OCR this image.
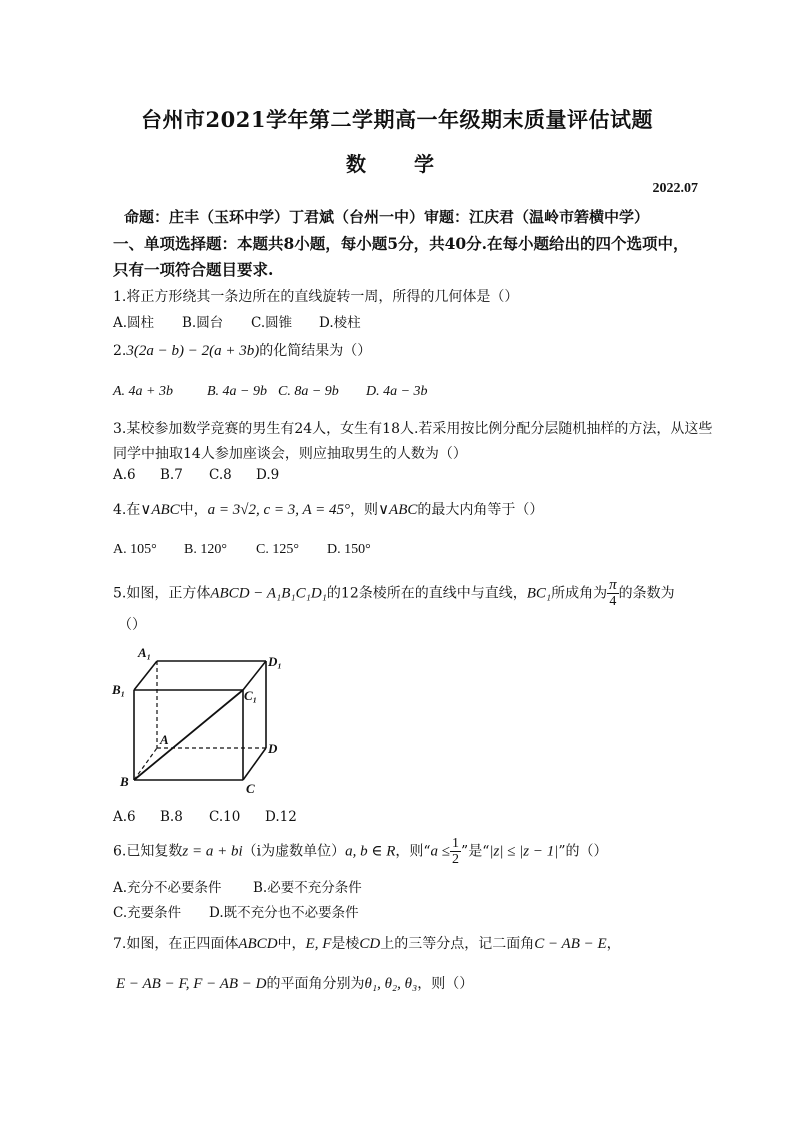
台州市2021学年第二学期高一年级期末质量评估试题
数　学
2022.07
命题：庄丰（玉环中学）丁君斌（台州一中）审题：江庆君（温岭市箬横中学）
一、单项选择题：本题共8小题，每小题5分，共40分.在每小题给出的四个选项中，
只有一项符合题目要求.
1.将正方形绕其一条边所在的直线旋转一周，所得的几何体是（）
A.圆柱 B.圆台 C.圆锥 D.棱柱
2.3(2a − b) − 2(a + 3b)的化简结果为（）
A. 4a + 3b B. 4a − 9b C. 8a − 9b D. 4a − 3b
3.某校参加数学竞赛的男生有24人，女生有18人.若采用按比例分配分层随机抽样的方法，从这些
同学中抽取14人参加座谈会，则应抽取男生的人数为（）
A.6 B.7 C.8 D.9
4.在∨ABC中，a = 3√2, c = 3, A = 45°，则∨ABC的最大内角等于（）
A. 105° B. 120° C. 125° D. 150°
5.如图，正方体ABCD − A₁B₁C₁D₁的12条棱所在的直线中与直线，BC₁所成角为 $\frac{\pi}{4}$ 的条数为
（）
A₁
D₁
B₁	C₁
A
D
B	C
A.6 B.8 C.10 D.12
6.已知复数z = a + bi（i为虚数单位）a, b ∈ R，则“$a \le \frac{1}{2}$ ”是“|z| ≤ |z − 1|”的（）
A.充分不必要条件 B.必要不充分条件
C.充要条件 D.既不充分也不必要条件
7.如图，在正四面体ABCD中，E, F是棱CD上的三等分点，记二面角C − AB − E，
E − AB − F, F − AB − D的平面角分别为θ₁, θ₂, θ₃，则（）
